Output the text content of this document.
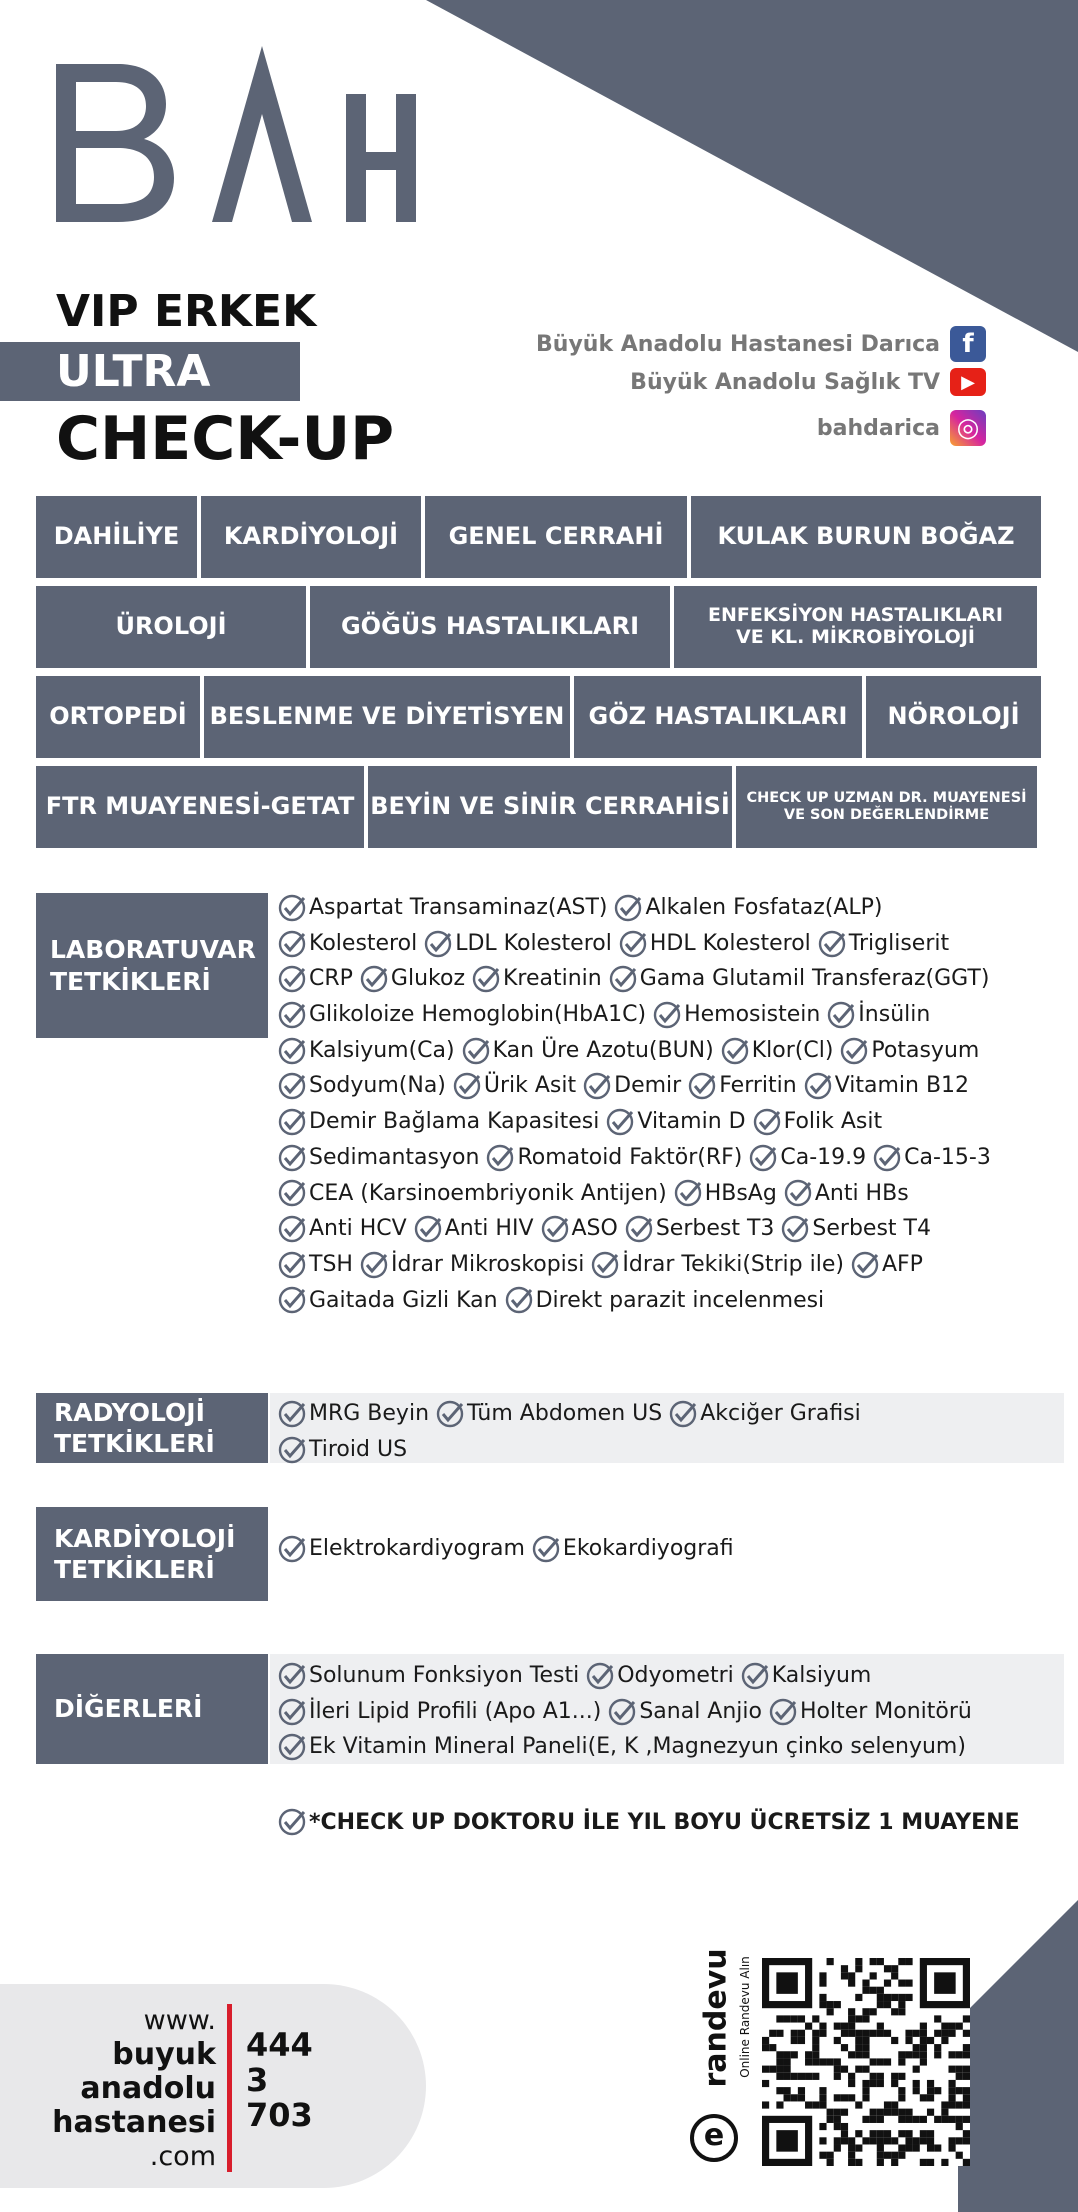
VIP ERKEK
ULTRA
CHECK-UP
Büyük Anadolu Hastanesi Darıca f
Büyük Anadolu Sağlık TV	▶
bahdarica ◎
DAHİLİYE	KARDİYOLOJİ	GENEL CERRAHİ	KULAK BURUN BOĞAZ
ÜROLOJİ	GÖĞÜS HASTALIKLARI	ENFEKSİYON HASTALIKLARI
VE KL. MİKROBİYOLOJİ
ORTOPEDİ BESLENME VE DİYETİSYEN	GÖZ HASTALIKLARI	NÖROLOJİ
FTR MUAYENESİ-GETAT BEYİN VE SİNİR CERRAHİSİ CHECK UP UZMAN DR. MUAYENESİ
VE SON DEĞERLENDİRME
LABORATUVAR
TETKİKLERİ
Aspartat Transaminaz(AST) Alkalen Fosfataz(ALP)
Kolesterol LDL Kolesterol HDL Kolesterol Trigliserit
CRP Glukoz Kreatinin Gama Glutamil Transferaz(GGT)
Glikoloize Hemoglobin(HbA1C) Hemosistein İnsülin
Kalsiyum(Ca) Kan Üre Azotu(BUN) Klor(Cl) Potasyum
Sodyum(Na) Ürik Asit Demir Ferritin Vitamin B12
Demir Bağlama Kapasitesi Vitamin D Folik Asit
Sedimantasyon Romatoid Faktör(RF) Ca-19.9 Ca-15-3
CEA (Karsinoembriyonik Antijen) HBsAg Anti HBs
Anti HCV Anti HIV ASO Serbest T3 Serbest T4
TSH İdrar Mikroskopisi İdrar Tekiki(Strip ile) AFP
Gaitada Gizli Kan Direkt parazit incelenmesi
RADYOLOJİ
TETKİKLERİ
MRG Beyin Tüm Abdomen US Akciğer Grafisi
Tiroid US
KARDİYOLOJİ
TETKİKLERİ
Elektrokardiyogram Ekokardiyografi
DİĞERLERİ
Solunum Fonksiyon Testi Odyometri Kalsiyum
İleri Lipid Profili (Apo A1...) Sanal Anjio Holter Monitörü
Ek Vitamin Mineral Paneli(E, K ,Magnezyun çinko selenyum)
*CHECK UP DOKTORU İLE YIL BOYU ÜCRETSİZ 1 MUAYENE
www.
buyuk
anadolu
hastanesi
.com
444
3
703
e
randevu Online Randevu Alın
